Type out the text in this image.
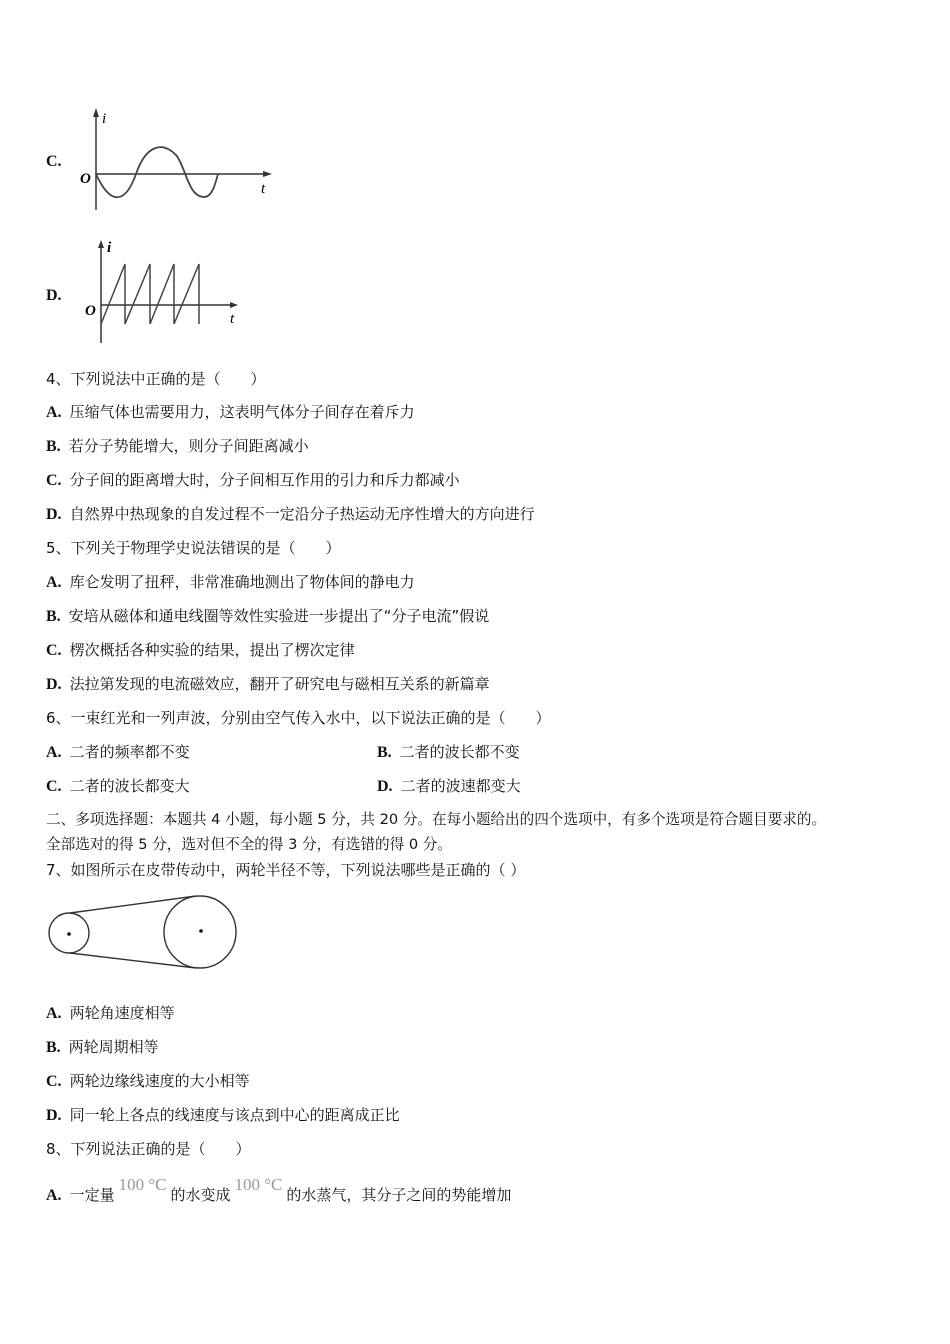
C.
i
O
t
D.
i
O	t
4、下列说法中正确的是（　　）
A. 压缩气体也需要用力，这表明气体分子间存在着斥力
B. 若分子势能增大，则分子间距离减小
C. 分子间的距离增大时，分子间相互作用的引力和斥力都减小
D. 自然界中热现象的自发过程不一定沿分子热运动无序性增大的方向进行
5、下列关于物理学史说法错误的是（　　）
A. 库仑发明了扭秤，非常准确地测出了物体间的静电力
B. 安培从磁体和通电线圈等效性实验进一步提出了“分子电流”假说
C. 楞次概括各种实验的结果，提出了楞次定律
D. 法拉第发现的电流磁效应，翻开了研究电与磁相互关系的新篇章
6、一束红光和一列声波，分别由空气传入水中，以下说法正确的是（　　）
A. 二者的频率都不变	B. 二者的波长都不变
C. 二者的波长都变大	D. 二者的波速都变大
二、多项选择题：本题共 4 小题，每小题 5 分，共 20 分。在每小题给出的四个选项中，有多个选项是符合题目要求的。
全部选对的得 5 分，选对但不全的得 3 分，有选错的得 0 分。
7、如图所示在皮带传动中，两轮半径不等，下列说法哪些是正确的（ ）
A. 两轮角速度相等
B. 两轮周期相等
C. 两轮边缘线速度的大小相等
D. 同一轮上各点的线速度与该点到中心的距离成正比
8、下列说法正确的是（　　）
A. 一定量100 °C的水变成100 °C的水蒸气，其分子之间的势能增加
